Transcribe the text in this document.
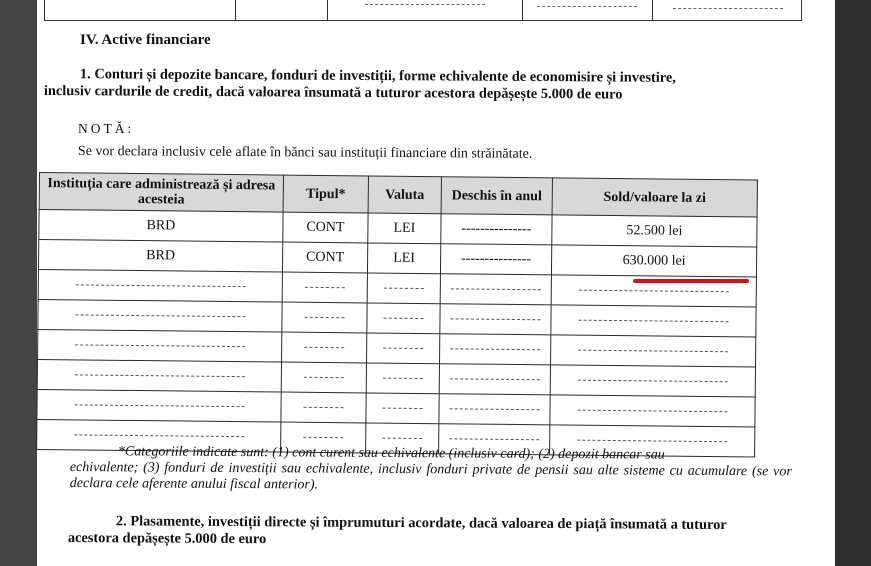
IV. Active financiare
1. Conturi și depozite bancare, fonduri de investiții, forme echivalente de economisire și investire,
inclusiv cardurile de credit, dacă valoarea însumată a tuturor acestora depășește 5.000 de euro
NOTĂ:
Se vor declara inclusiv cele aflate în bănci sau instituții financiare din străinătate.
Instituția care administrează și adresa acesteia	Tipul*	Valuta	Deschis în anul	Sold/valoare la zi
BRD	CONT	LEI	---------------	52.500 lei
BRD	CONT	LEI	---------------	630.000 lei

*Categoriile indicate sunt: (1) cont curent sau echivalente (inclusiv card); (2) depozit bancar sau
echivalente; (3) fonduri de investiții sau echivalente, inclusiv fonduri private de pensii sau alte sisteme cu acumulare (se vor declara cele aferente anului fiscal anterior).
2. Plasamente, investiții directe și împrumuturi acordate, dacă valoarea de piață însumată a tuturor
acestora depășește 5.000 de euro
